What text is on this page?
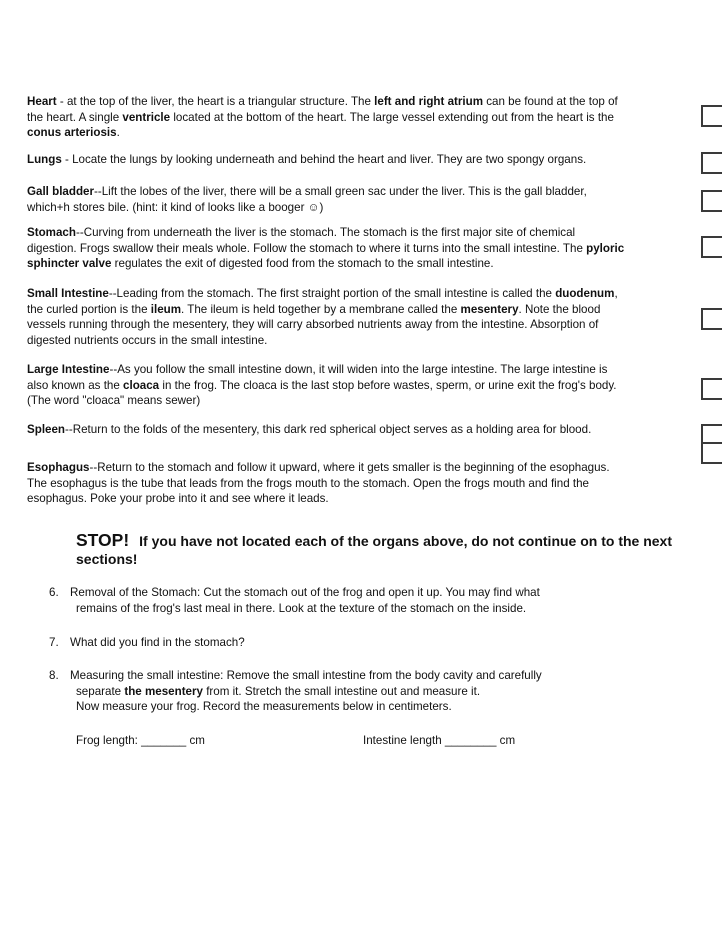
Heart - at the top of the liver, the heart is a triangular structure. The left and right atrium can be found at the top of the heart. A single ventricle located at the bottom of the heart. The large vessel extending out from the heart is the conus arteriosis.

Lungs - Locate the lungs by looking underneath and behind the heart and liver. They are two spongy organs.

Gall bladder--Lift the lobes of the liver, there will be a small green sac under the liver. This is the gall bladder, which+h stores bile. (hint: it kind of looks like a booger ☺)

Stomach--Curving from underneath the liver is the stomach. The stomach is the first major site of chemical digestion. Frogs swallow their meals whole. Follow the stomach to where it turns into the small intestine. The pyloric sphincter valve regulates the exit of digested food from the stomach to the small intestine.

Small Intestine--Leading from the stomach. The first straight portion of the small intestine is called the duodenum, the curled portion is the ileum. The ileum is held together by a membrane called the mesentery. Note the blood vessels running through the mesentery, they will carry absorbed nutrients away from the intestine. Absorption of digested nutrients occurs in the small intestine.

Large Intestine--As you follow the small intestine down, it will widen into the large intestine. The large intestine is also known as the cloaca in the frog. The cloaca is the last stop before wastes, sperm, or urine exit the frog's body. (The word "cloaca" means sewer)

Spleen--Return to the folds of the mesentery, this dark red spherical object serves as a holding area for blood.

Esophagus--Return to the stomach and follow it upward, where it gets smaller is the beginning of the esophagus. The esophagus is the tube that leads from the frogs mouth to the stomach. Open the frogs mouth and find the esophagus. Poke your probe into it and see where it leads.

STOP! If you have not located each of the organs above, do not continue on to the next sections!
6. Removal of the Stomach: Cut the stomach out of the frog and open it up. You may find what
remains of the frog's last meal in there. Look at the texture of the stomach on the inside.
7. What did you find in the stomach?
8. Measuring the small intestine: Remove the small intestine from the body cavity and carefully
separate the mesentery from it. Stretch the small intestine out and measure it. Now measure your frog. Record the measurements below in centimeters.
Frog length: _______ cm	Intestine length ________ cm
